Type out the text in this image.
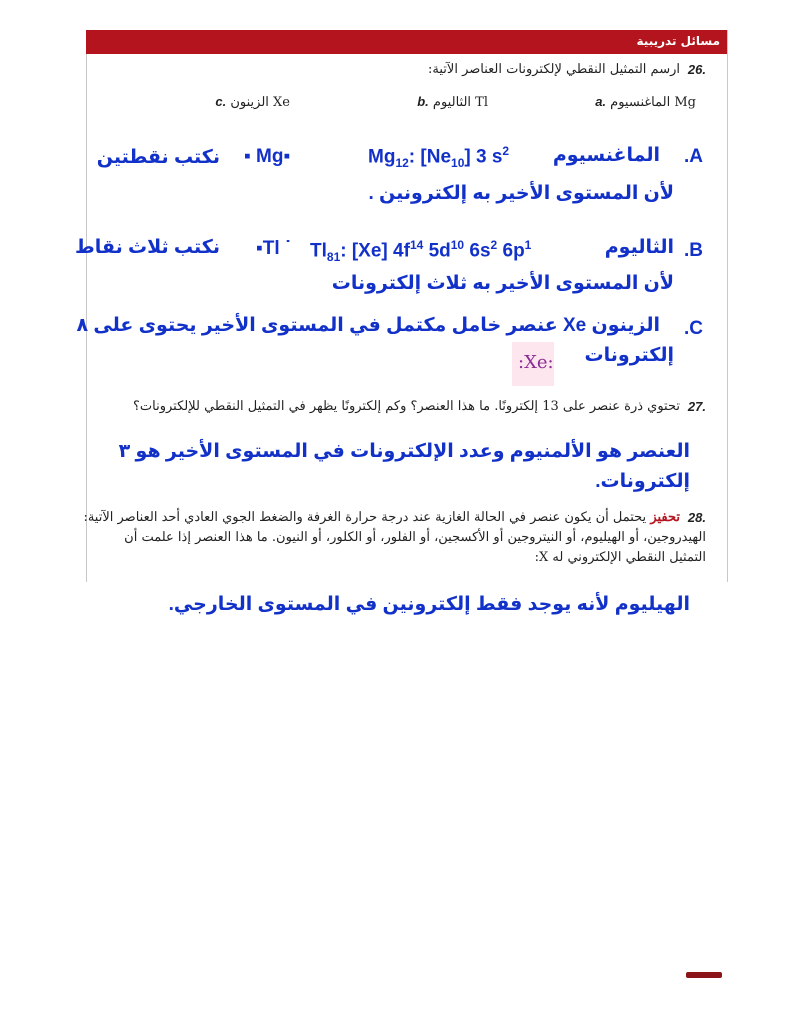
مسائل تدريبية
26.
ارسم التمثيل النقطي لإلكترونات العناصر الآتية:
a. الماغنسيوم Mg
b. الثاليوم Tl
c. الزينون Xe
.A
الماغنسيوم
$Mg_{12}$: $[Ne_{10}]$ 3 $s^2$
▪ Mg▪
نكتب نقطتين
لأن المستوى الأخير به إلكترونين .
.B
الثاليوم
$Tl_{81}$: [Xe] $4f^{14}$ $5d^{10}$ $6s^2$ $6p^1$
▪Tl ˙
نكتب ثلاث نقاط
لأن المستوى الأخير به ثلاث إلكترونات
.C
الزينون Xe عنصر خامل مكتمل في المستوى الأخير يحتوى على ٨
إلكترونات
:Xe:
27.
تحتوي ذرة عنصر على 13 إلكترونًا. ما هذا العنصر؟ وكم إلكترونًا يظهر في التمثيل النقطي للإلكترونات؟
العنصر هو الألمنيوم وعدد الإلكترونات في المستوى الأخير هو ٣
إلكترونات.
28.
تحفيز يحتمل أن يكون عنصر في الحالة الغازية عند درجة حرارة الغرفة والضغط الجوي العادي أحد العناصر الآتية:
الهيدروجين، أو الهيليوم، أو النيتروجين أو الأكسجين، أو الفلور، أو الكلور، أو النيون. ما هذا العنصر إذا علمت أن
التمثيل النقطي الإلكتروني له X:
الهيليوم لأنه يوجد فقط إلكترونين في المستوى الخارجي.
